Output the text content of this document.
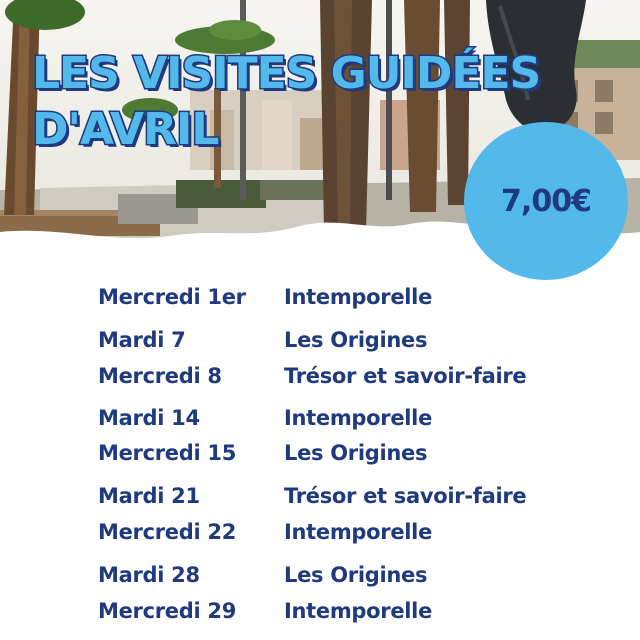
LES VISITES GUIDÉES
D'AVRIL
7,00€
Mercredi 1er Intemporelle
Mardi 7	Les Origines
Mercredi 8	Trésor et savoir-faire
Mardi 14	Intemporelle
Mercredi 15 Les Origines
Mardi 21	Trésor et savoir-faire
Mercredi 22 Intemporelle
Mardi 28	Les Origines
Mercredi 29 Intemporelle
